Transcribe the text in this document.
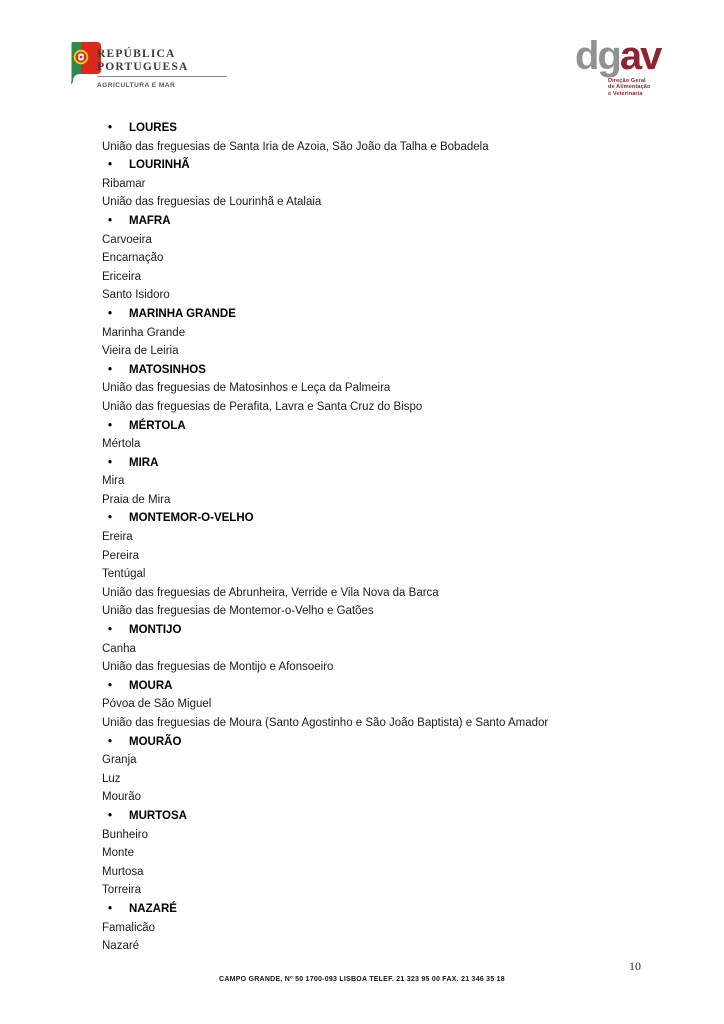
REPÚBLICA
PORTUGUESA
AGRICULTURA E MAR
dgav
Direção Geral
de Alimentação
e Veterinária
• LOURES
União das freguesias de Santa Iria de Azoia, São João da Talha e Bobadela
• LOURINHÃ
Ribamar
União das freguesias de Lourinhã e Atalaia
• MAFRA
Carvoeira
Encarnação
Ericeira
Santo Isidoro
• MARINHA GRANDE
Marinha Grande
Vieira de Leiria
• MATOSINHOS
União das freguesias de Matosinhos e Leça da Palmeira
União das freguesias de Perafita, Lavra e Santa Cruz do Bispo
• MÉRTOLA
Mértola
• MIRA
Mira
Praia de Mira
• MONTEMOR-O-VELHO
Ereira
Pereira
Tentúgal
União das freguesias de Abrunheira, Verride e Vila Nova da Barca
União das freguesias de Montemor-o-Velho e Gatões
• MONTIJO
Canha
União das freguesias de Montijo e Afonsoeiro
• MOURA
Póvoa de São Miguel
União das freguesias de Moura (Santo Agostinho e São João Baptista) e Santo Amador
• MOURÃO
Granja
Luz
Mourão
• MURTOSA
Bunheiro
Monte
Murtosa
Torreira
• NAZARÉ
Famalicão
Nazaré
CAMPO GRANDE, Nº 50 1700-093 LISBOA TELEF. 21 323 95 00 FAX. 21 346 35 18
10
